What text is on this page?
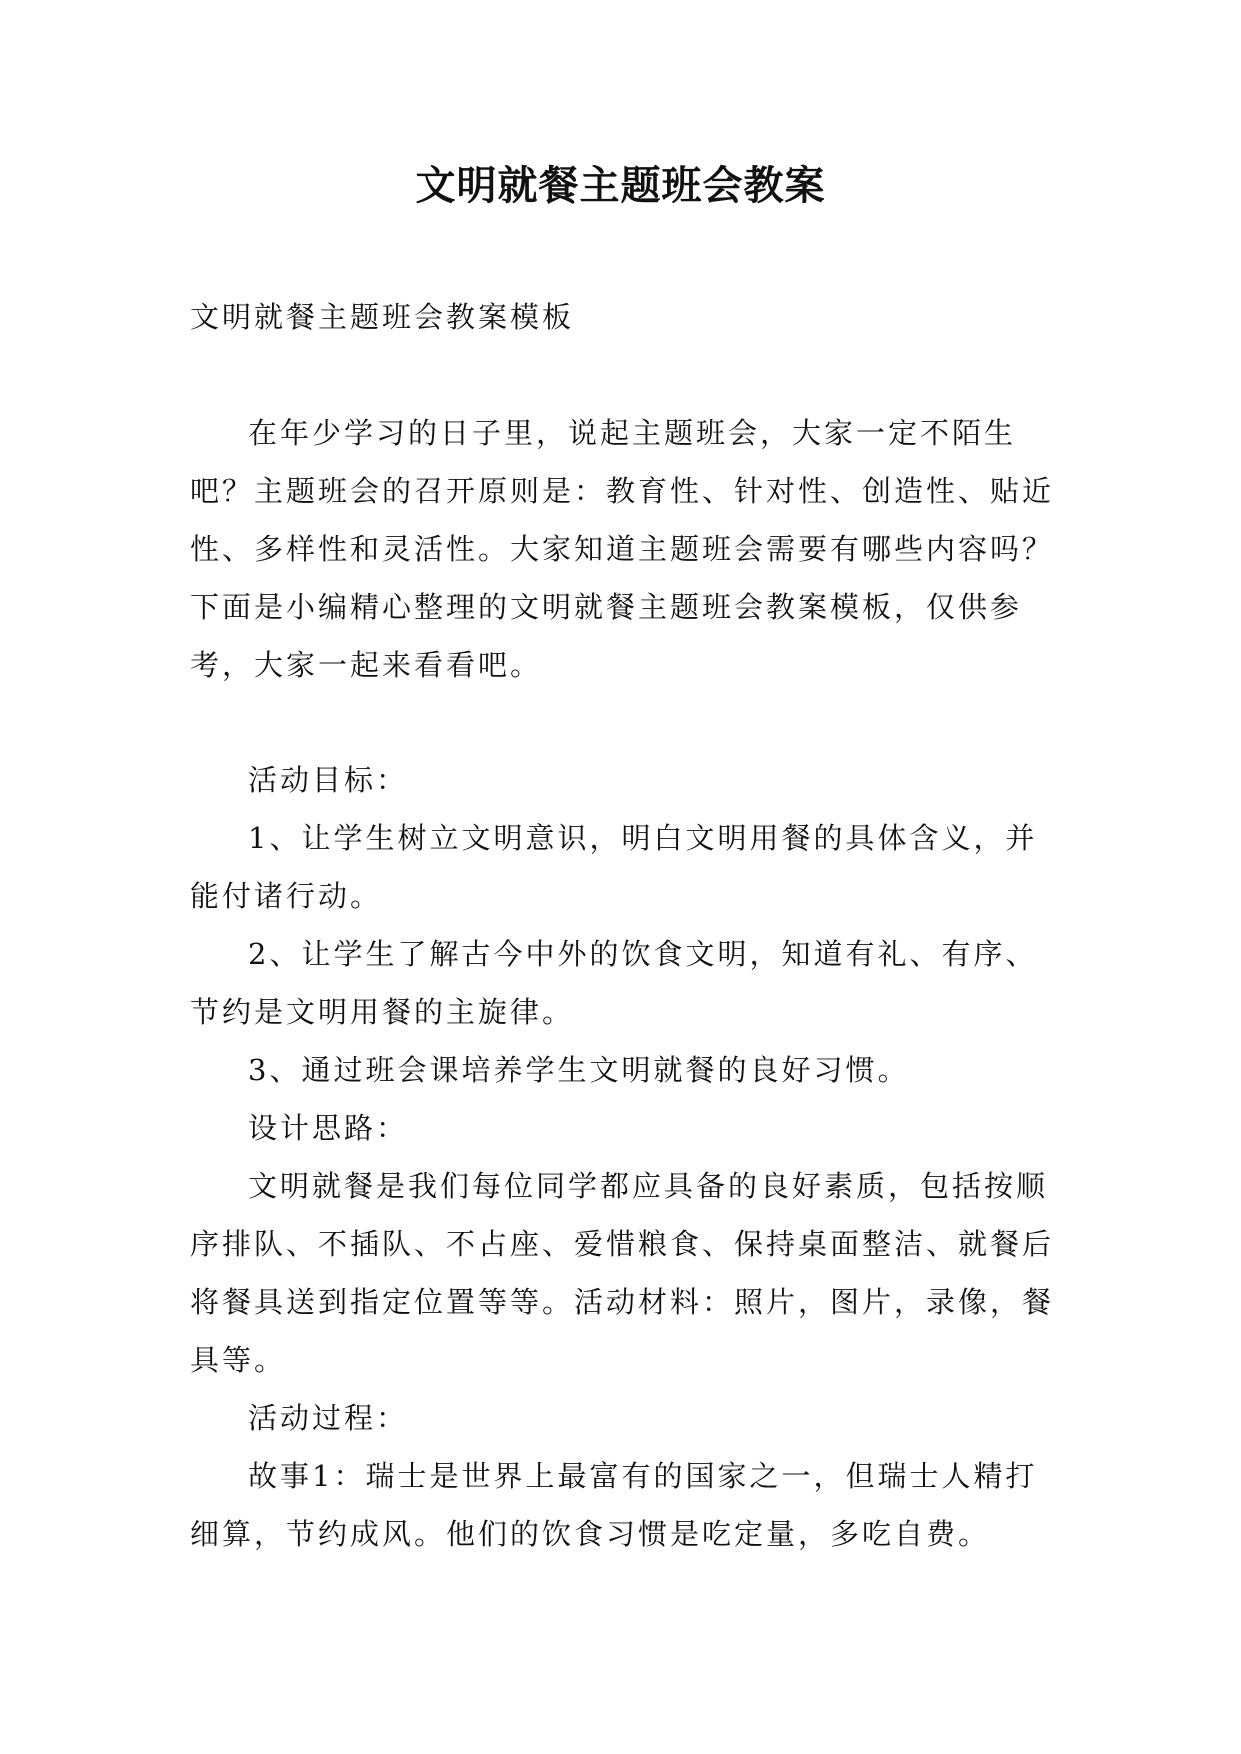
文明就餐主题班会教案

文明就餐主题班会教案模板

在年少学习的日子里，说起主题班会，大家一定不陌生吧？主题班会的召开原则是：教育性、针对性、创造性、贴近性、多样性和灵活性。大家知道主题班会需要有哪些内容吗？下面是小编精心整理的文明就餐主题班会教案模板，仅供参考，大家一起来看看吧。

活动目标：

1、让学生树立文明意识，明白文明用餐的具体含义，并能付诸行动。

2、让学生了解古今中外的饮食文明，知道有礼、有序、节约是文明用餐的主旋律。

3、通过班会课培养学生文明就餐的良好习惯。

设计思路：

文明就餐是我们每位同学都应具备的良好素质，包括按顺序排队、不插队、不占座、爱惜粮食、保持桌面整洁、就餐后将餐具送到指定位置等等。活动材料：照片，图片，录像，餐具等。

活动过程：

故事1：瑞士是世界上最富有的国家之一，但瑞士人精打细算，节约成风。他们的饮食习惯是吃定量，多吃自费。
